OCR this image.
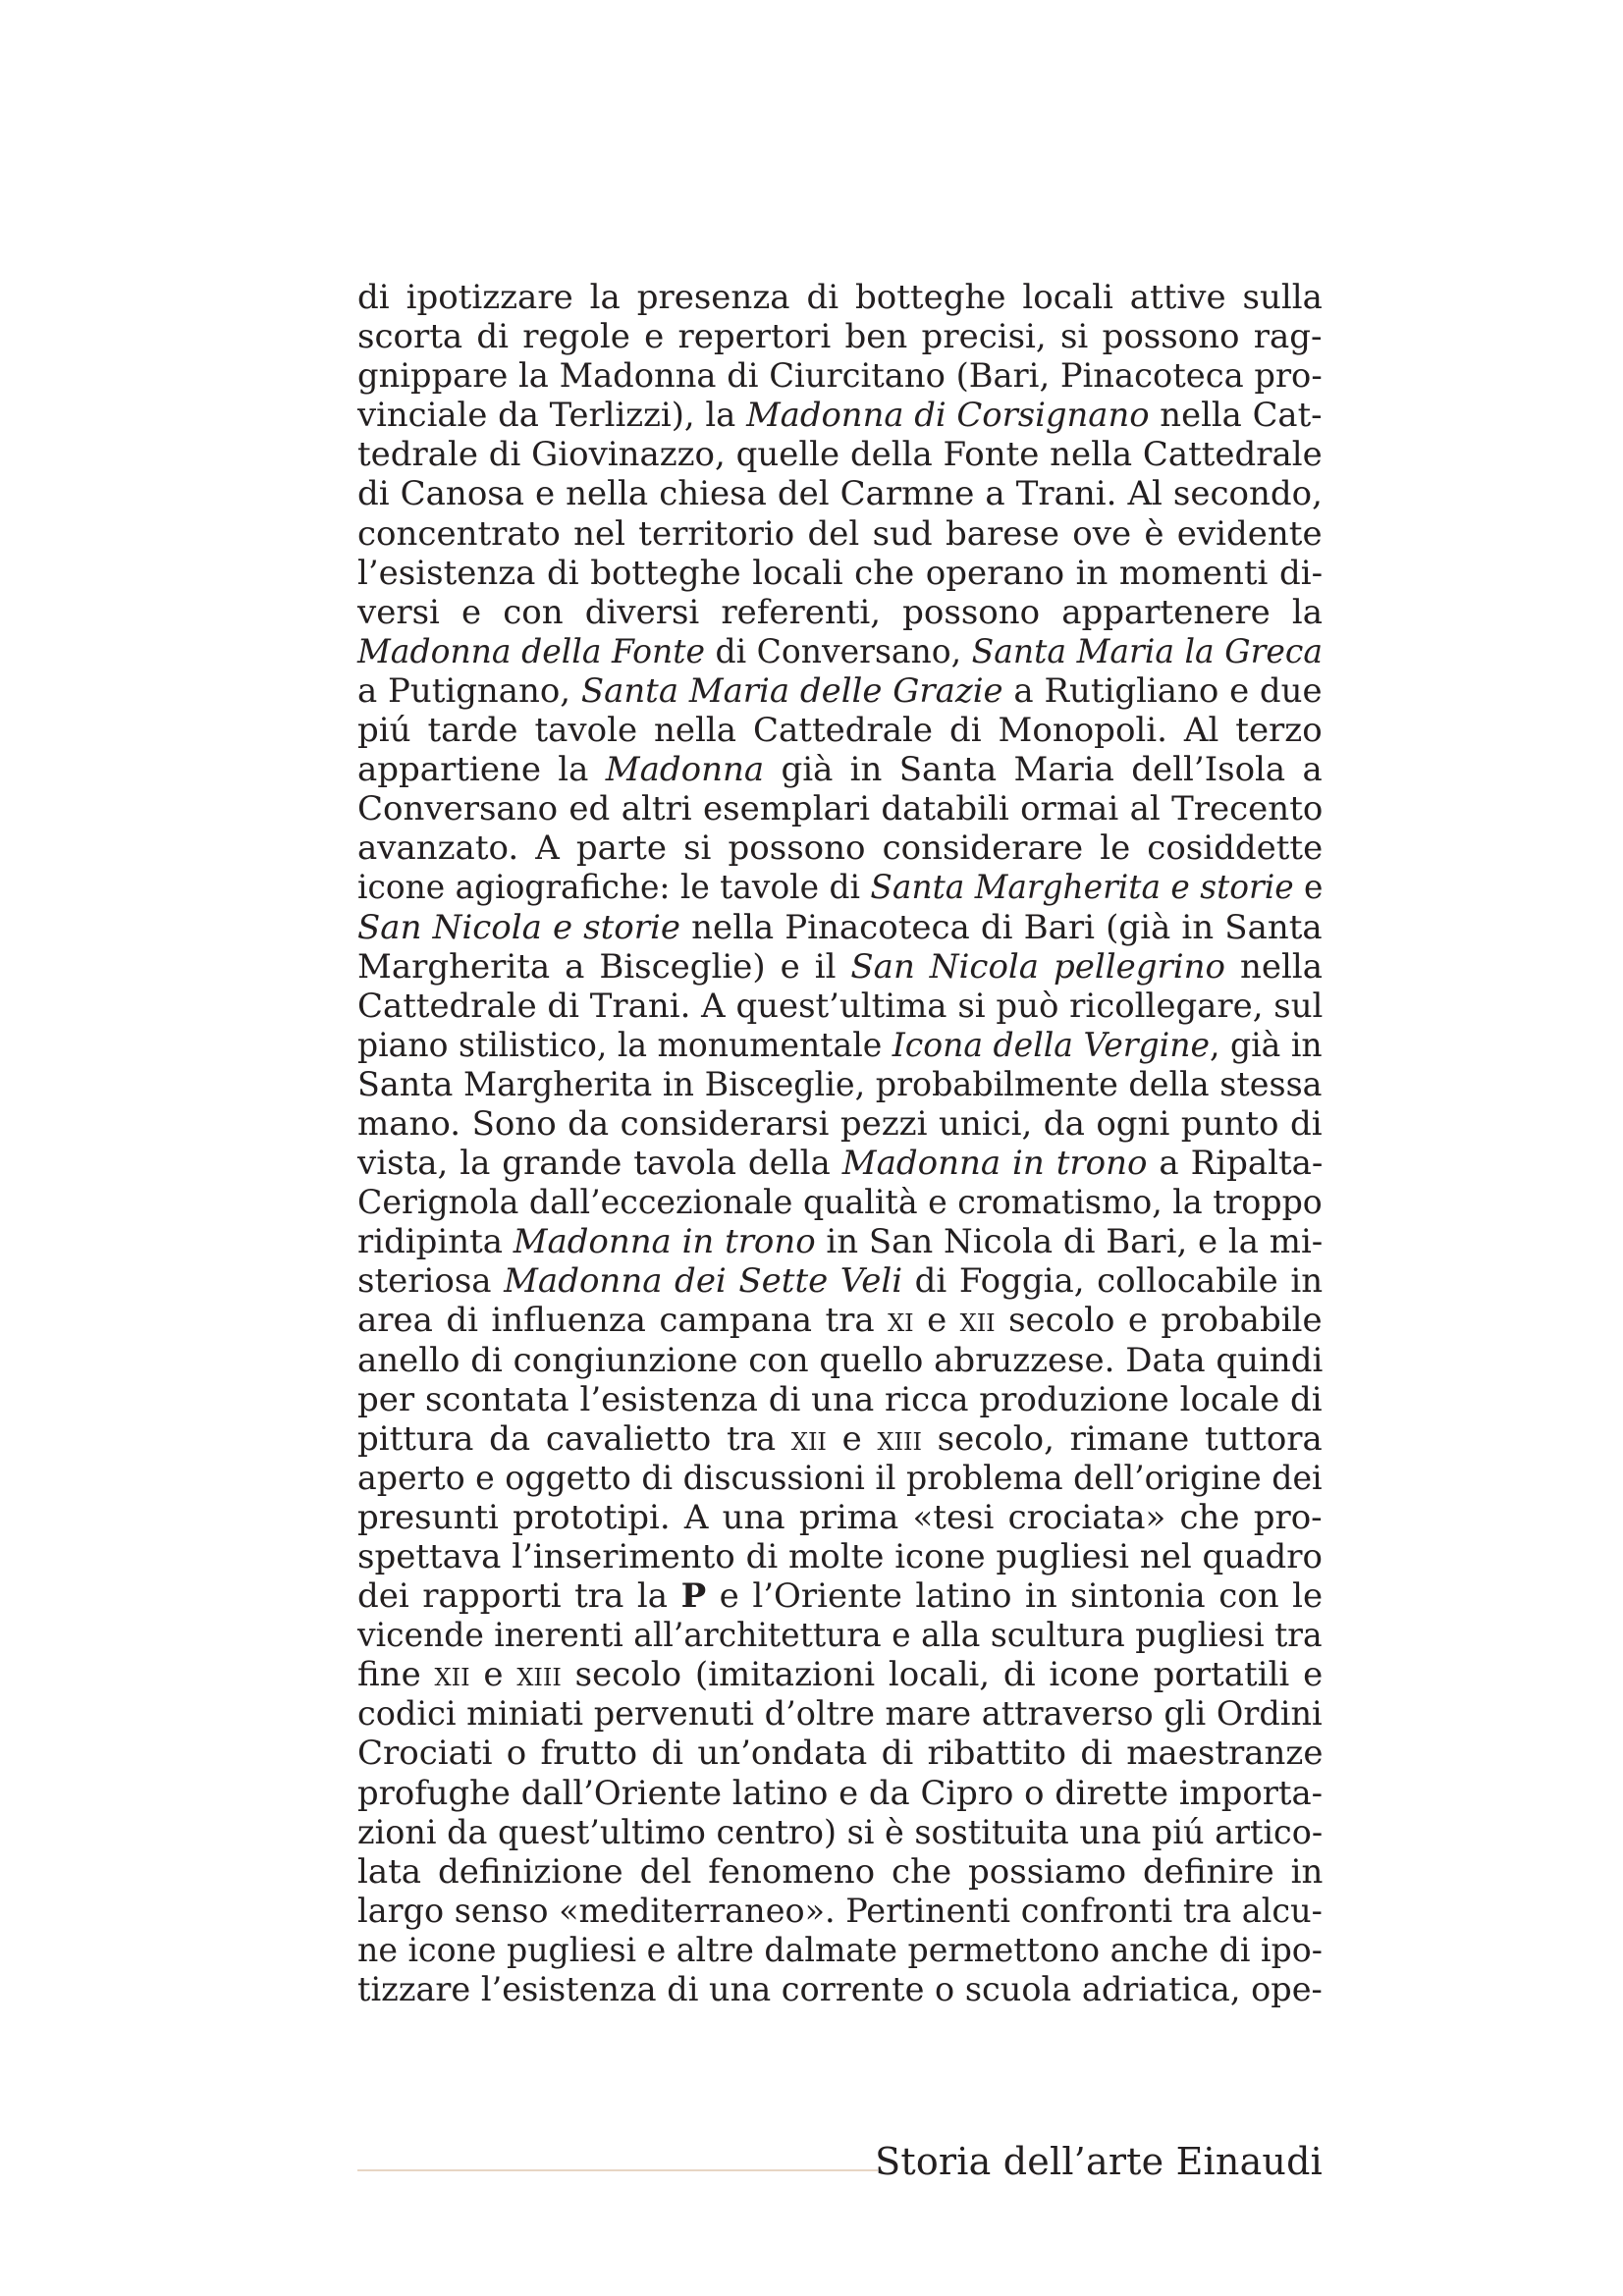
di ipotizzare la presenza di botteghe locali attive sulla
scorta di regole e repertori ben precisi, si possono rag-
gnippare la Madonna di Ciurcitano (Bari, Pinacoteca pro-
vinciale da Terlizzi), la Madonna di Corsignano nella Cat-
tedrale di Giovinazzo, quelle della Fonte nella Cattedrale
di Canosa e nella chiesa del Carmne a Trani. Al secondo,
concentrato nel territorio del sud barese ove è evidente
l’esistenza di botteghe locali che operano in momenti di-
versi e con diversi referenti, possono appartenere la
Madonna della Fonte di Conversano, Santa Maria la Greca
a Putignano, Santa Maria delle Grazie a Rutigliano e due
piú tarde tavole nella Cattedrale di Monopoli. Al terzo
appartiene la Madonna già in Santa Maria dell’Isola a
Conversano ed altri esemplari databili ormai al Trecento
avanzato. A parte si possono considerare le cosiddette
icone agiografiche: le tavole di Santa Margherita e storie e
San Nicola e storie nella Pinacoteca di Bari (già in Santa
Margherita a Bisceglie) e il San Nicola pellegrino nella
Cattedrale di Trani. A quest’ultima si può ricollegare, sul
piano stilistico, la monumentale Icona della Vergine, già in
Santa Margherita in Bisceglie, probabilmente della stessa
mano. Sono da considerarsi pezzi unici, da ogni punto di
vista, la grande tavola della Madonna in trono a Ripalta-
Cerignola dall’eccezionale qualità e cromatismo, la troppo
ridipinta Madonna in trono in San Nicola di Bari, e la mi-
steriosa Madonna dei Sette Veli di Foggia, collocabile in
area di influenza campana tra xi e xii secolo e probabile
anello di congiunzione con quello abruzzese. Data quindi
per scontata l’esistenza di una ricca produzione locale di
pittura da cavalietto tra xii e xiii secolo, rimane tuttora
aperto e oggetto di discussioni il problema dell’origine dei
presunti prototipi. A una prima «tesi crociata» che pro-
spettava l’inserimento di molte icone pugliesi nel quadro
dei rapporti tra la P e l’Oriente latino in sintonia con le
vicende inerenti all’architettura e alla scultura pugliesi tra
fine xii e xiii secolo (imitazioni locali, di icone portatili e
codici miniati pervenuti d’oltre mare attraverso gli Ordini
Crociati o frutto di un’ondata di ribattito di maestranze
profughe dall’Oriente latino e da Cipro o dirette importa-
zioni da quest’ultimo centro) si è sostituita una piú artico-
lata definizione del fenomeno che possiamo definire in
largo senso «mediterraneo». Pertinenti confronti tra alcu-
ne icone pugliesi e altre dalmate permettono anche di ipo-
tizzare l’esistenza di una corrente o scuola adriatica, ope-
Storia dell’arte Einaudi
